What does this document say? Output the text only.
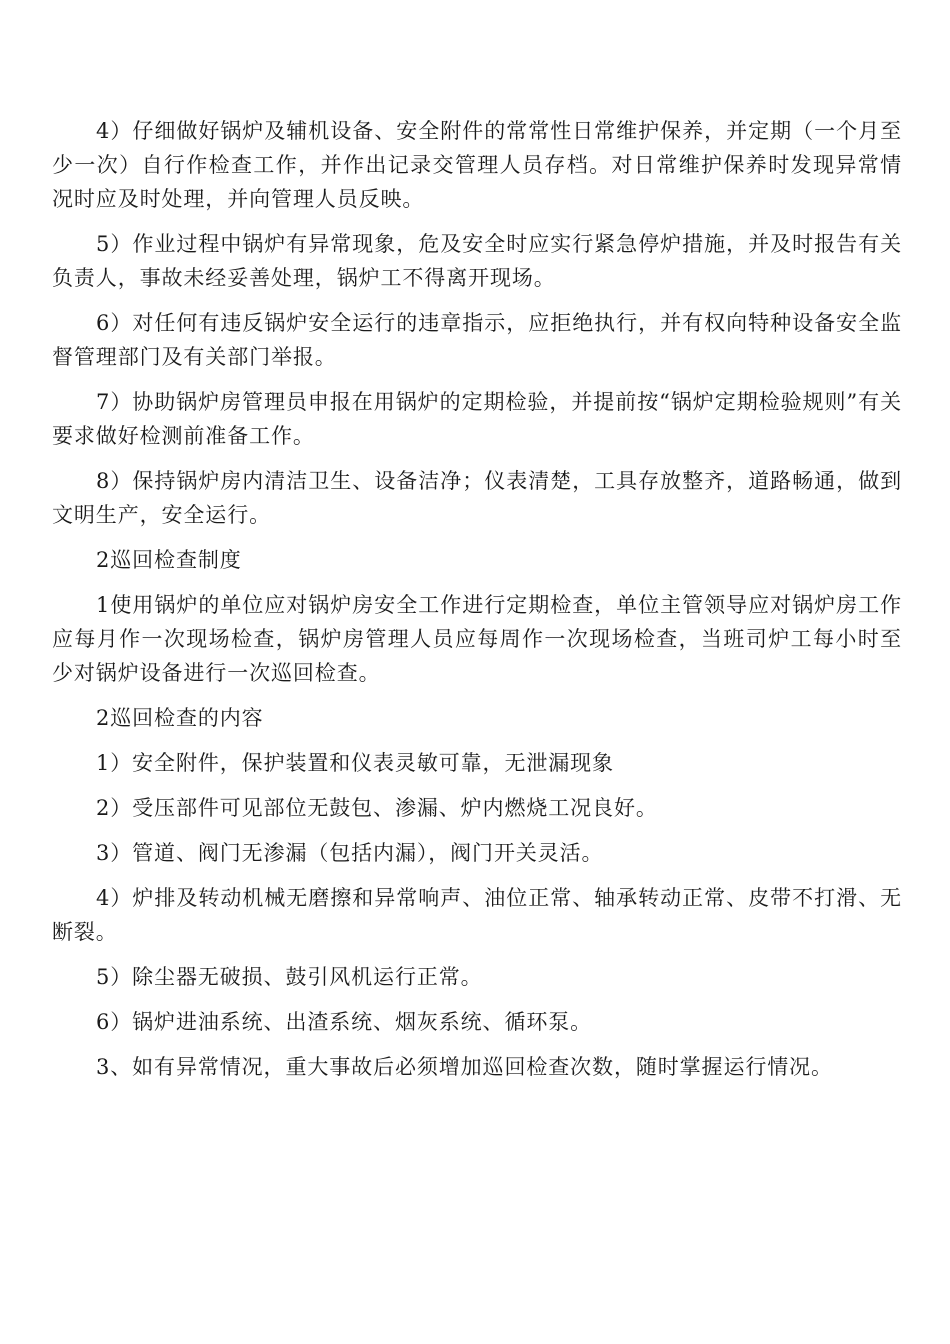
4）仔细做好锅炉及辅机设备、安全附件的常常性日常维护保养，并定期（一个月至少一次）自行作检查工作，并作出记录交管理人员存档。对日常维护保养时发现异常情况时应及时处理，并向管理人员反映。

5）作业过程中锅炉有异常现象，危及安全时应实行紧急停炉措施，并及时报告有关负责人，事故未经妥善处理，锅炉工不得离开现场。

6）对任何有违反锅炉安全运行的违章指示，应拒绝执行，并有权向特种设备安全监督管理部门及有关部门举报。

7）协助锅炉房管理员申报在用锅炉的定期检验，并提前按“锅炉定期检验规则”有关要求做好检测前准备工作。

8）保持锅炉房内清洁卫生、设备洁净；仪表清楚，工具存放整齐，道路畅通，做到文明生产，安全运行。

2巡回检查制度

1使用锅炉的单位应对锅炉房安全工作进行定期检查，单位主管领导应对锅炉房工作应每月作一次现场检查，锅炉房管理人员应每周作一次现场检查，当班司炉工每小时至少对锅炉设备进行一次巡回检查。

2巡回检查的内容

1）安全附件，保护装置和仪表灵敏可靠，无泄漏现象

2）受压部件可见部位无鼓包、渗漏、炉内燃烧工况良好。

3）管道、阀门无渗漏（包括内漏），阀门开关灵活。

4）炉排及转动机械无磨擦和异常响声、油位正常、轴承转动正常、皮带不打滑、无断裂。

5）除尘器无破损、鼓引风机运行正常。

6）锅炉进油系统、出渣系统、烟灰系统、循环泵。

3、如有异常情况，重大事故后必须增加巡回检查次数，随时掌握运行情况。
